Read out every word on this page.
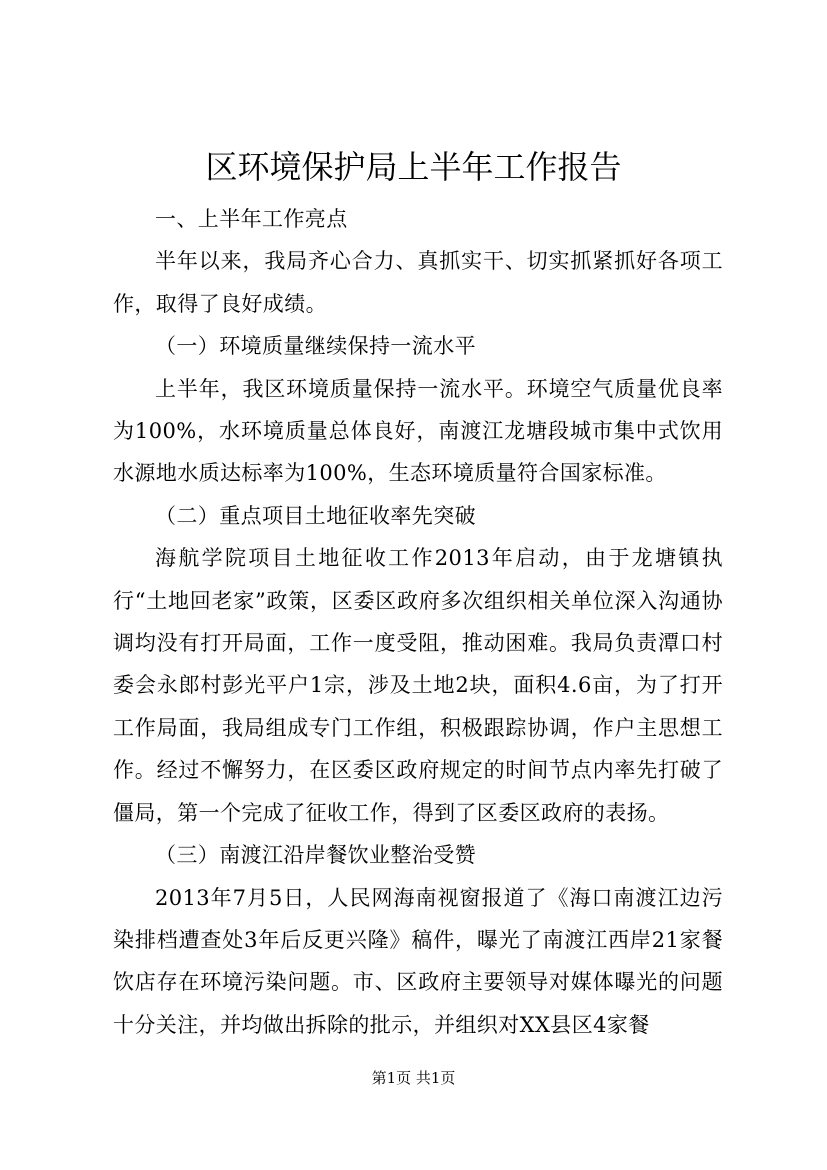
区环境保护局上半年工作报告

一、上半年工作亮点

半年以来，我局齐心合力、真抓实干、切实抓紧抓好各项工作，取得了良好成绩。

（一）环境质量继续保持一流水平

上半年，我区环境质量保持一流水平。环境空气质量优良率为100%，水环境质量总体良好，南渡江龙塘段城市集中式饮用水源地水质达标率为100%，生态环境质量符合国家标准。

（二）重点项目土地征收率先突破

海航学院项目土地征收工作2013年启动，由于龙塘镇执行“土地回老家”政策，区委区政府多次组织相关单位深入沟通协调均没有打开局面，工作一度受阻，推动困难。我局负责潭口村委会永郎村彭光平户1宗，涉及土地2块，面积4.6亩，为了打开工作局面，我局组成专门工作组，积极跟踪协调，作户主思想工作。经过不懈努力，在区委区政府规定的时间节点内率先打破了僵局，第一个完成了征收工作，得到了区委区政府的表扬。

（三）南渡江沿岸餐饮业整治受赞

2013年7月5日，人民网海南视窗报道了《海口南渡江边污染排档遭查处3年后反更兴隆》稿件，曝光了南渡江西岸21家餐饮店存在环境污染问题。市、区政府主要领导对媒体曝光的问题十分关注，并均做出拆除的批示，并组织对XX县区4家餐

第1页 共1页
